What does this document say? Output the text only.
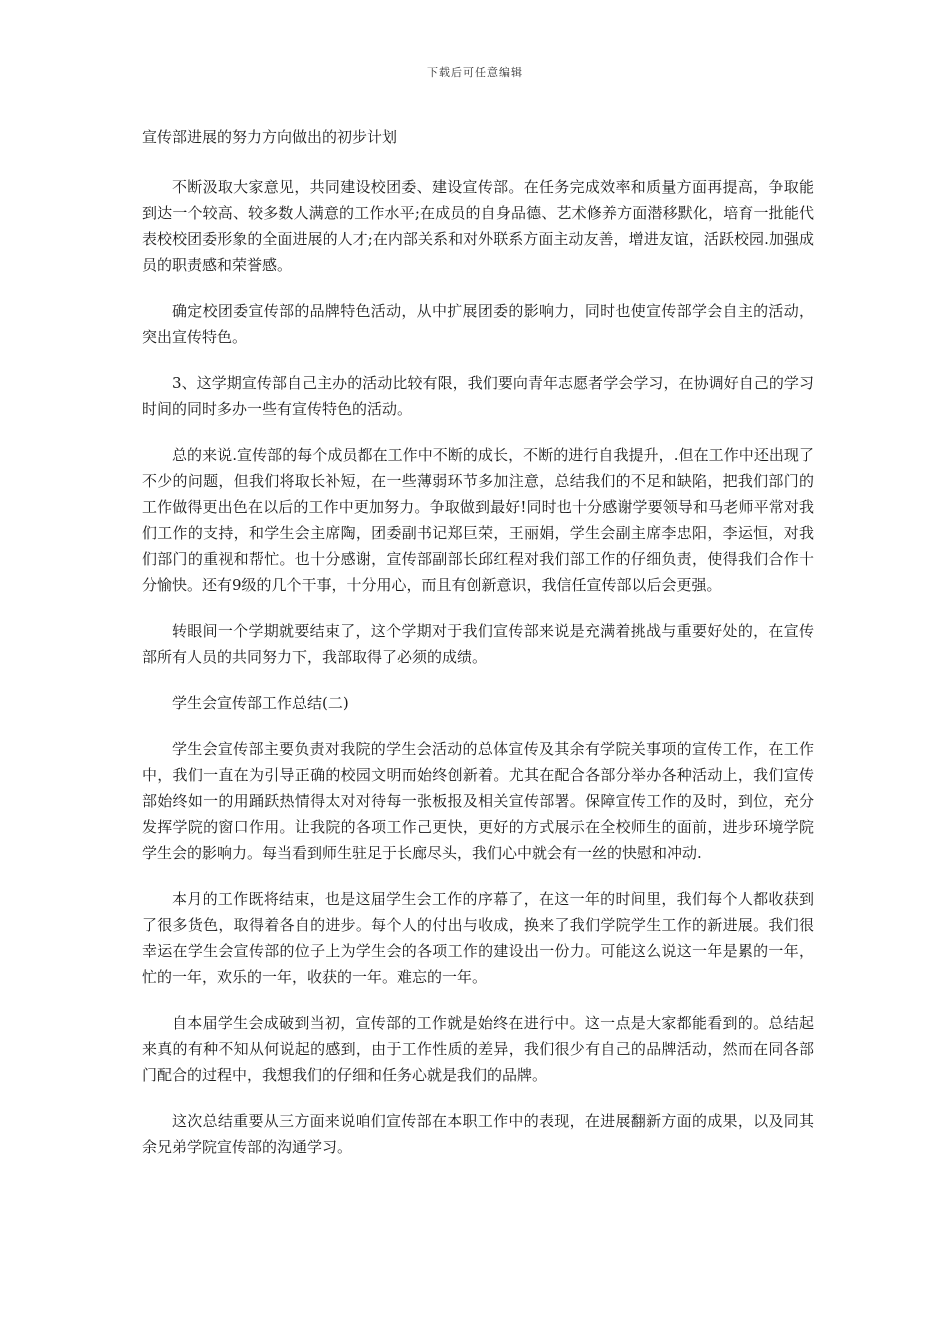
下载后可任意编辑
宣传部进展的努力方向做出的初步计划

不断汲取大家意见，共同建设校团委、建设宣传部。在任务完成效率和质量方面再提高，争取能到达一个较高、较多数人满意的工作水平;在成员的自身品德、艺术修养方面潜移默化，培育一批能代表校校团委形象的全面进展的人才;在内部关系和对外联系方面主动友善，增进友谊，活跃校园.加强成员的职责感和荣誉感。

确定校团委宣传部的品牌特色活动，从中扩展团委的影响力，同时也使宣传部学会自主的活动，突出宣传特色。

3、这学期宣传部自己主办的活动比较有限，我们要向青年志愿者学会学习，在协调好自己的学习时间的同时多办一些有宣传特色的活动。

总的来说.宣传部的每个成员都在工作中不断的成长，不断的进行自我提升，.但在工作中还出现了不少的问题，但我们将取长补短，在一些薄弱环节多加注意，总结我们的不足和缺陷，把我们部门的工作做得更出色在以后的工作中更加努力。争取做到最好!同时也十分感谢学要领导和马老师平常对我们工作的支持，和学生会主席陶，团委副书记郑巨荣，王丽娟，学生会副主席李忠阳，李运恒，对我们部门的重视和帮忙。也十分感谢，宣传部副部长邱红程对我们部工作的仔细负责，使得我们合作十分愉快。还有9级的几个干事，十分用心，而且有创新意识，我信任宣传部以后会更强。

转眼间一个学期就要结束了，这个学期对于我们宣传部来说是充满着挑战与重要好处的，在宣传部所有人员的共同努力下，我部取得了必须的成绩。

学生会宣传部工作总结(二)

学生会宣传部主要负责对我院的学生会活动的总体宣传及其余有学院关事项的宣传工作，在工作中，我们一直在为引导正确的校园文明而始终创新着。尤其在配合各部分举办各种活动上，我们宣传部始终如一的用踊跃热情得太对对待每一张板报及相关宣传部署。保障宣传工作的及时，到位，充分发挥学院的窗口作用。让我院的各项工作己更快，更好的方式展示在全校师生的面前，进步环境学院学生会的影响力。每当看到师生驻足于长廊尽头，我们心中就会有一丝的快慰和冲动.

本月的工作既将结束，也是这届学生会工作的序幕了，在这一年的时间里，我们每个人都收获到了很多货色，取得着各自的进步。每个人的付出与收成，换来了我们学院学生工作的新进展。我们很幸运在学生会宣传部的位子上为学生会的各项工作的建设出一份力。可能这么说这一年是累的一年，忙的一年，欢乐的一年，收获的一年。难忘的一年。

自本届学生会成破到当初，宣传部的工作就是始终在进行中。这一点是大家都能看到的。总结起来真的有种不知从何说起的感到，由于工作性质的差异，我们很少有自己的品牌活动，然而在同各部门配合的过程中，我想我们的仔细和任务心就是我们的品牌。

这次总结重要从三方面来说咱们宣传部在本职工作中的表现，在进展翻新方面的成果，以及同其余兄弟学院宣传部的沟通学习。
